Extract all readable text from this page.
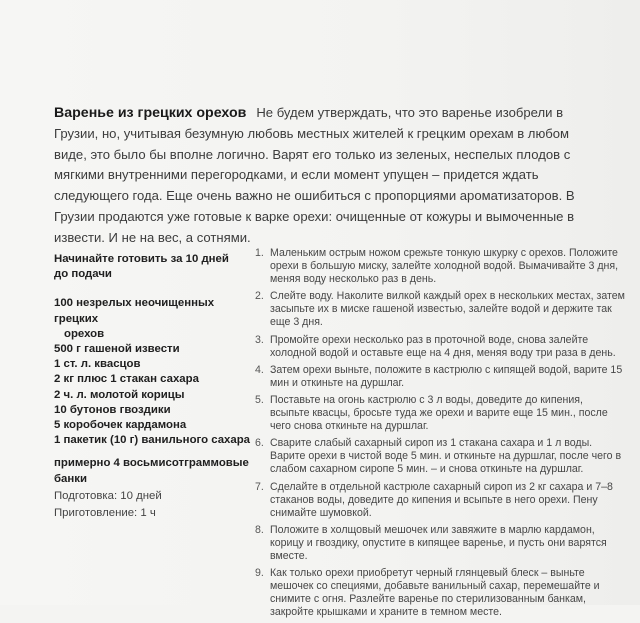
Варенье из грецких орехов Не будем утверждать, что это варенье изобрели в Грузии, но, учитывая безумную любовь местных жителей к грецким орехам в любом виде, это было бы вполне логично. Варят его только из зеленых, неспелых плодов с мягкими внутренними перегородками, и если момент упущен – придется ждать следующего года. Еще очень важно не ошибиться с пропорциями ароматизаторов. В Грузии продаются уже готовые к варке орехи: очищенные от кожуры и вымоченные в извести. И не на вес, а сотнями.
Начинайте готовить за 10 дней
до подачи
100 незрелых неочищенных грецких
орехов
500 г гашеной извести
1 ст. л. квасцов
2 кг плюс 1 стакан сахара
2 ч. л. молотой корицы
10 бутонов гвоздики
5 коробочек кардамона
1 пакетик (10 г) ванильного сахара
примерно 4 восьмисотграммовые
банки
Подготовка: 10 дней
Приготовление: 1 ч
1. Маленьким острым ножом срежьте тонкую шкурку с орехов. Положите орехи в большую миску, залейте холодной водой. Вымачивайте 3 дня, меняя воду несколько раз в день.
2. Слейте воду. Наколите вилкой каждый орех в нескольких местах, затем засыпьте их в миске гашеной известью, залейте водой и держите так еще 3 дня.
3. Промойте орехи несколько раз в проточной воде, снова залейте холодной водой и оставьте еще на 4 дня, меняя воду три раза в день.
4. Затем орехи выньте, положите в кастрюлю с кипящей водой, варите 15 мин и откиньте на дуршлаг.
5. Поставьте на огонь кастрюлю с 3 л воды, доведите до кипения, всыпьте квасцы, бросьте туда же орехи и варите еще 15 мин., после чего снова откиньте на дуршлаг.
6. Сварите слабый сахарный сироп из 1 стакана сахара и 1 л воды. Варите орехи в чистой воде 5 мин. и откиньте на дуршлаг, после чего в слабом сахарном сиропе 5 мин. – и снова откиньте на дуршлаг.
7. Сделайте в отдельной кастрюле сахарный сироп из 2 кг сахара и 7–8 стаканов воды, доведите до кипения и всыпьте в него орехи. Пену снимайте шумовкой.
8. Положите в холщовый мешочек или завяжите в марлю кардамон, корицу и гвоздику, опустите в кипящее варенье, и пусть они варятся вместе.
9. Как только орехи приобретут черный глянцевый блеск – выньте мешочек со специями, добавьте ванильный сахар, перемешайте и снимите с огня. Разлейте варенье по стерилизованным банкам, закройте крышками и храните в темном месте.
